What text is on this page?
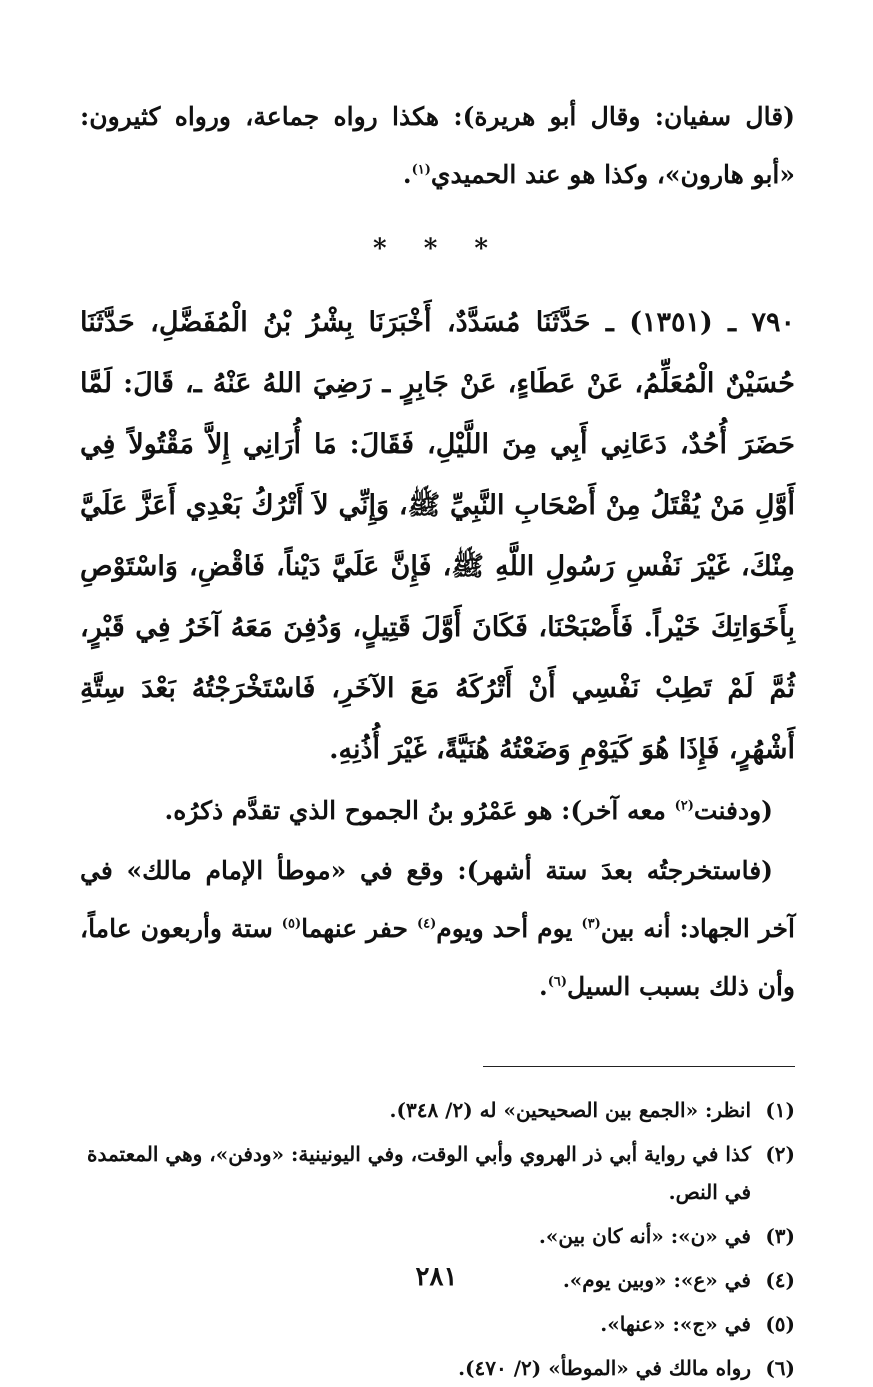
(قال سفيان: وقال أبو هريرة): هكذا رواه جماعة، ورواه كثيرون: «أبو هارون»، وكذا هو عند الحميدي$^{(١)}$.

* * *

٧٩٠ ـ (١٣٥١) ـ حَدَّثَنَا مُسَدَّدٌ، أَخْبَرَنَا بِشْرُ بْنُ الْمُفَضَّلِ، حَدَّثَنَا حُسَيْنٌ الْمُعَلِّمُ، عَنْ عَطَاءٍ، عَنْ جَابِرٍ ـ رَضِيَ اللهُ عَنْهُ ـ، قَالَ: لَمَّا حَضَرَ أُحُدٌ، دَعَانِي أَبِي مِنَ اللَّيْلِ، فَقَالَ: مَا أُرَانِي إِلاَّ مَقْتُولاً فِي أَوَّلِ مَنْ يُقْتَلُ مِنْ أَصْحَابِ النَّبِيِّ ﷺ، وَإِنِّي لاَ أَتْرُكُ بَعْدِي أَعَزَّ عَلَيَّ مِنْكَ، غَيْرَ نَفْسِ رَسُولِ اللَّهِ ﷺ، فَإِنَّ عَلَيَّ دَيْناً، فَاقْضِ، وَاسْتَوْصِ بِأَخَوَاتِكَ خَيْراً. فَأَصْبَحْنَا، فَكَانَ أَوَّلَ قَتِيلٍ، وَدُفِنَ مَعَهُ آخَرُ فِي قَبْرٍ، ثُمَّ لَمْ تَطِبْ نَفْسِي أَنْ أَتْرُكَهُ مَعَ الآخَرِ، فَاسْتَخْرَجْتُهُ بَعْدَ سِتَّةِ أَشْهُرٍ، فَإِذَا هُوَ كَيَوْمِ وَضَعْتُهُ هُنَيَّةً، غَيْرَ أُذُنِهِ.

(ودفنت$^{(٢)}$ معه آخر): هو عَمْرُو بنُ الجموح الذي تقدَّم ذكرُه.

(فاستخرجتُه بعدَ ستة أشهر): وقع في «موطأ الإمام مالك» في آخر الجهاد: أنه بين$^{(٣)}$ يوم أحد ويوم$^{(٤)}$ حفر عنهما$^{(٥)}$ ستة وأربعون عاماً، وأن ذلك بسبب السيل$^{(٦)}$.

(١)
انظر: «الجمع بين الصحيحين» له (٢/ ٣٤٨).
(٢)
كذا في رواية أبي ذر الهروي وأبي الوقت، وفي اليونينية: «ودفن»، وهي المعتمدة في النص.
(٣)
في «ن»: «أنه كان بين».
(٤)
في «ع»: «وبين يوم».
(٥)
في «ج»: «عنها».
(٦)
رواه مالك في «الموطأ» (٢/ ٤٧٠).
٢٨١
